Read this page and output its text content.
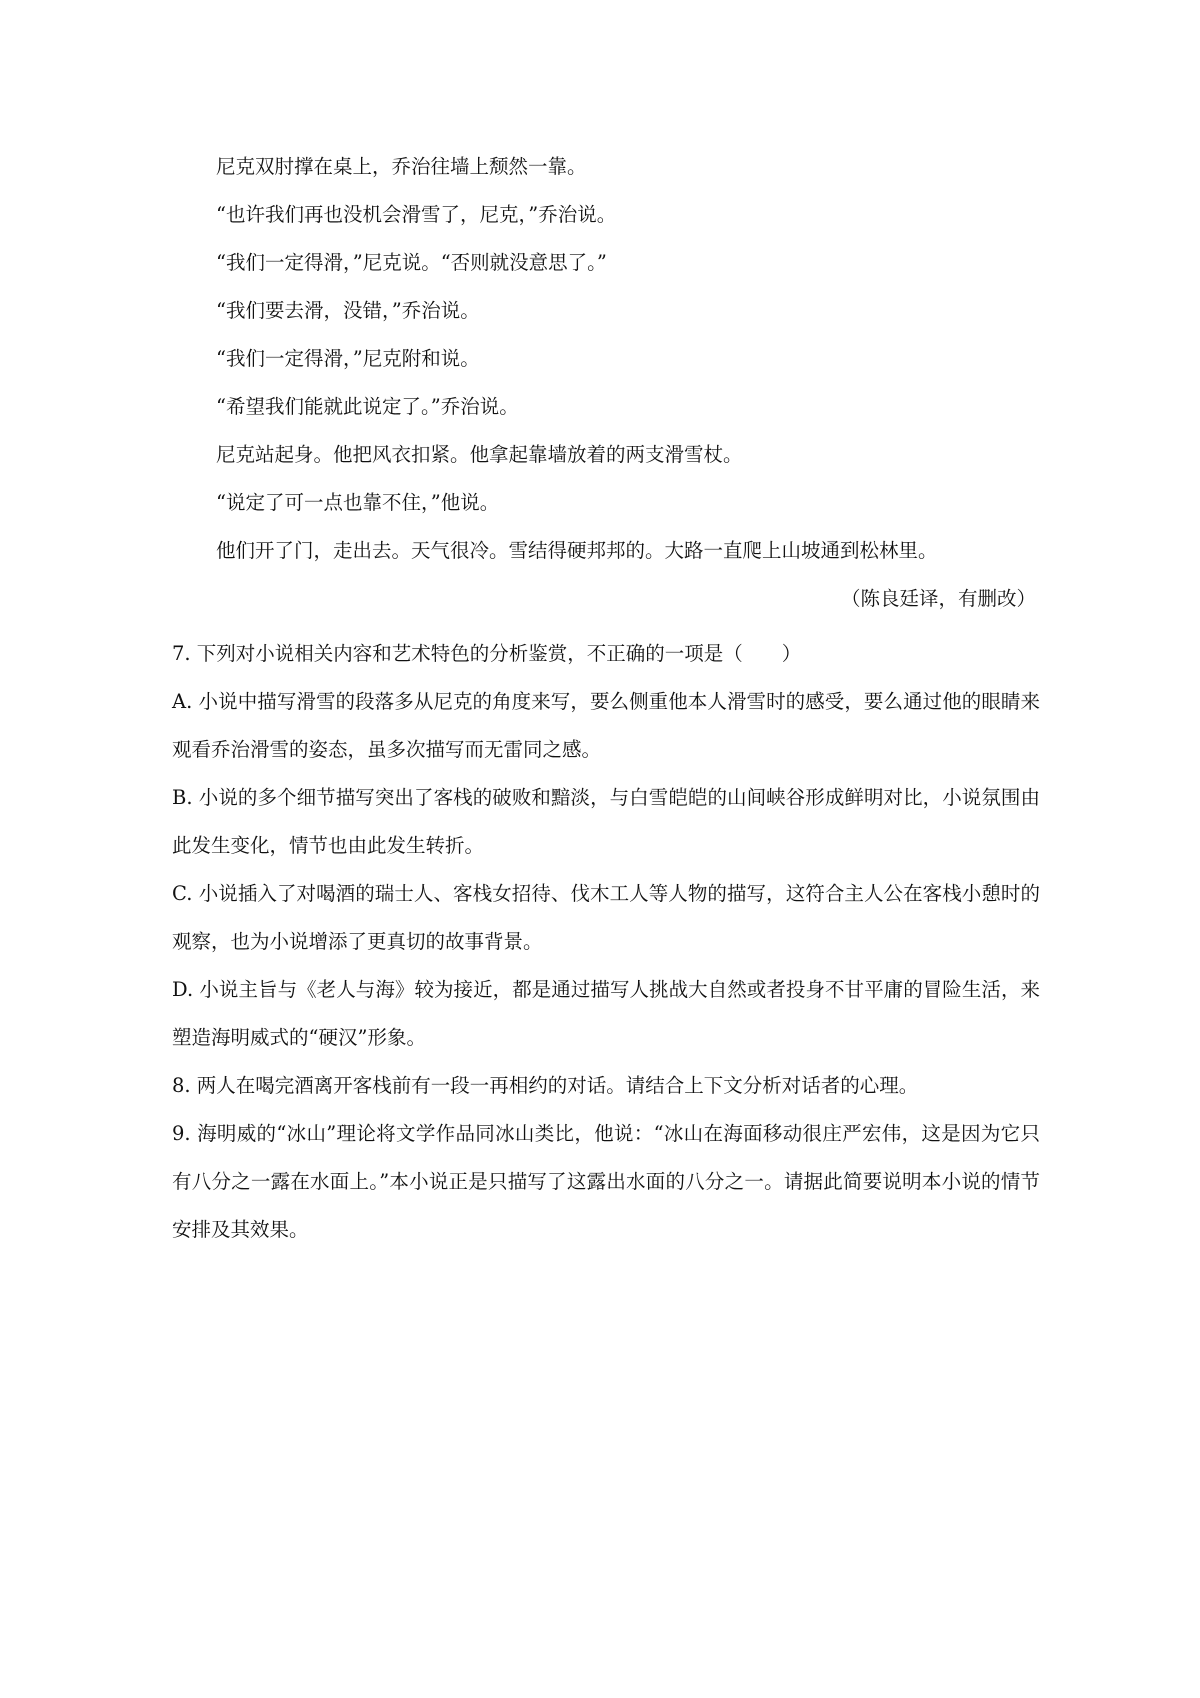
尼克双肘撑在桌上，乔治往墙上颓然一靠。

“也许我们再也没机会滑雪了，尼克，”乔治说。

“我们一定得滑，”尼克说。“否则就没意思了。”

“我们要去滑，没错，”乔治说。

“我们一定得滑，”尼克附和说。

“希望我们能就此说定了。”乔治说。

尼克站起身。他把风衣扣紧。他拿起靠墙放着的两支滑雪杖。

“说定了可一点也靠不住，”他说。

他们开了门，走出去。天气很冷。雪结得硬邦邦的。大路一直爬上山坡通到松林里。

（陈良廷译，有删改）

7. 下列对小说相关内容和艺术特色的分析鉴赏，不正确的一项是（　　）

A. 小说中描写滑雪的段落多从尼克的角度来写，要么侧重他本人滑雪时的感受，要么通过他的眼睛来观看乔治滑雪的姿态，虽多次描写而无雷同之感。

B. 小说的多个细节描写突出了客栈的破败和黯淡，与白雪皑皑的山间峡谷形成鲜明对比，小说氛围由此发生变化，情节也由此发生转折。

C. 小说插入了对喝酒的瑞士人、客栈女招待、伐木工人等人物的描写，这符合主人公在客栈小憩时的观察，也为小说增添了更真切的故事背景。

D. 小说主旨与《老人与海》较为接近，都是通过描写人挑战大自然或者投身不甘平庸的冒险生活，来塑造海明威式的“硬汉”形象。

8. 两人在喝完酒离开客栈前有一段一再相约的对话。请结合上下文分析对话者的心理。

9. 海明威的“冰山”理论将文学作品同冰山类比，他说：“冰山在海面移动很庄严宏伟，这是因为它只有八分之一露在水面上。”本小说正是只描写了这露出水面的八分之一。请据此简要说明本小说的情节安排及其效果。
